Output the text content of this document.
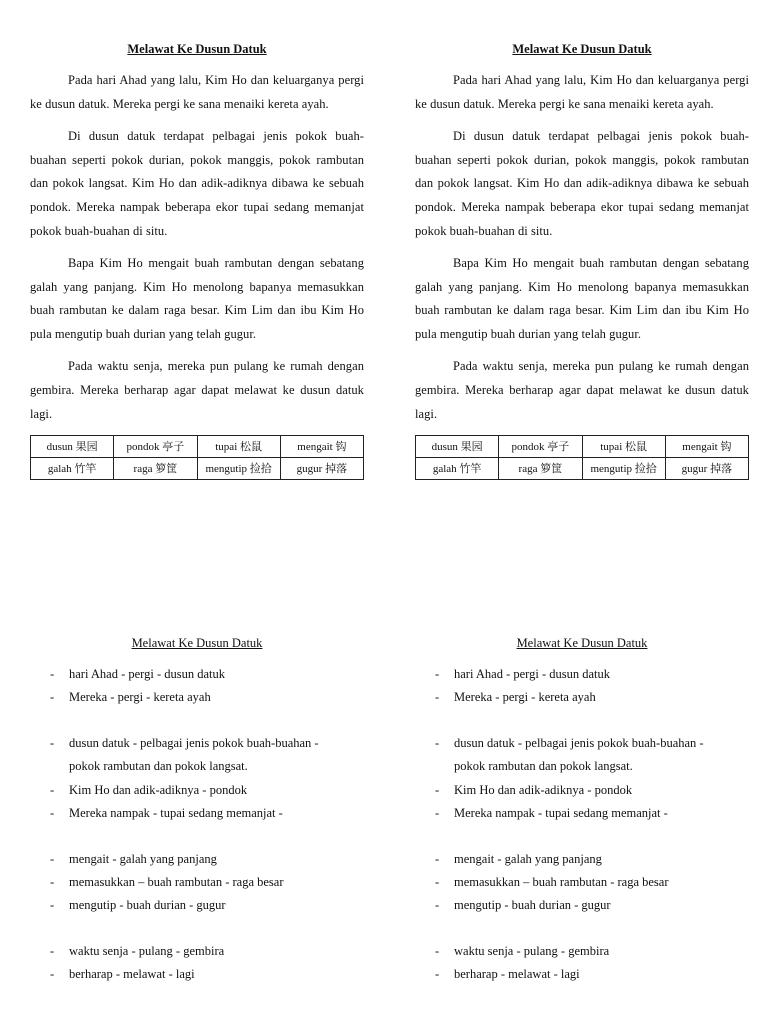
Melawat Ke Dusun Datuk

Pada hari Ahad yang lalu, Kim Ho dan keluarganya pergi ke dusun datuk. Mereka pergi ke sana menaiki kereta ayah.

Di dusun datuk terdapat pelbagai jenis pokok buah-buahan seperti pokok durian, pokok manggis, pokok rambutan dan pokok langsat. Kim Ho dan adik-adiknya dibawa ke sebuah pondok. Mereka nampak beberapa ekor tupai sedang memanjat pokok buah-buahan di situ.

Bapa Kim Ho mengait buah rambutan dengan sebatang galah yang panjang. Kim Ho menolong bapanya memasukkan buah rambutan ke dalam raga besar. Kim Lim dan ibu Kim Ho pula mengutip buah durian yang telah gugur.

Pada waktu senja, mereka pun pulang ke rumah dengan gembira. Mereka berharap agar dapat melawat ke dusun datuk lagi.

dusun 果园	pondok 亭子	tupai 松鼠	mengait 钩
galah 竹竿	raga 箩筐	mengutip 捡拾	gugur 掉落
Melawat Ke Dusun Datuk

Pada hari Ahad yang lalu, Kim Ho dan keluarganya pergi ke dusun datuk. Mereka pergi ke sana menaiki kereta ayah.

Di dusun datuk terdapat pelbagai jenis pokok buah-buahan seperti pokok durian, pokok manggis, pokok rambutan dan pokok langsat. Kim Ho dan adik-adiknya dibawa ke sebuah pondok. Mereka nampak beberapa ekor tupai sedang memanjat pokok buah-buahan di situ.

Bapa Kim Ho mengait buah rambutan dengan sebatang galah yang panjang. Kim Ho menolong bapanya memasukkan buah rambutan ke dalam raga besar. Kim Lim dan ibu Kim Ho pula mengutip buah durian yang telah gugur.

Pada waktu senja, mereka pun pulang ke rumah dengan gembira. Mereka berharap agar dapat melawat ke dusun datuk lagi.

dusun 果园	pondok 亭子	tupai 松鼠	mengait 钩
galah 竹竿	raga 箩筐	mengutip 捡拾	gugur 掉落
Melawat Ke Dusun Datuk
- hari Ahad - pergi - dusun datuk
- Mereka - pergi - kereta ayah
- dusun datuk - pelbagai jenis pokok buah-buahan -
pokok rambutan dan pokok langsat.
- Kim Ho dan adik-adiknya - pondok
- Mereka nampak - tupai sedang memanjat -
- mengait - galah yang panjang
- memasukkan – buah rambutan - raga besar
- mengutip - buah durian - gugur
- waktu senja - pulang - gembira
- berharap - melawat - lagi
Melawat Ke Dusun Datuk
- hari Ahad - pergi - dusun datuk
- Mereka - pergi - kereta ayah
- dusun datuk - pelbagai jenis pokok buah-buahan -
pokok rambutan dan pokok langsat.
- Kim Ho dan adik-adiknya - pondok
- Mereka nampak - tupai sedang memanjat -
- mengait - galah yang panjang
- memasukkan – buah rambutan - raga besar
- mengutip - buah durian - gugur
- waktu senja - pulang - gembira
- berharap - melawat - lagi
